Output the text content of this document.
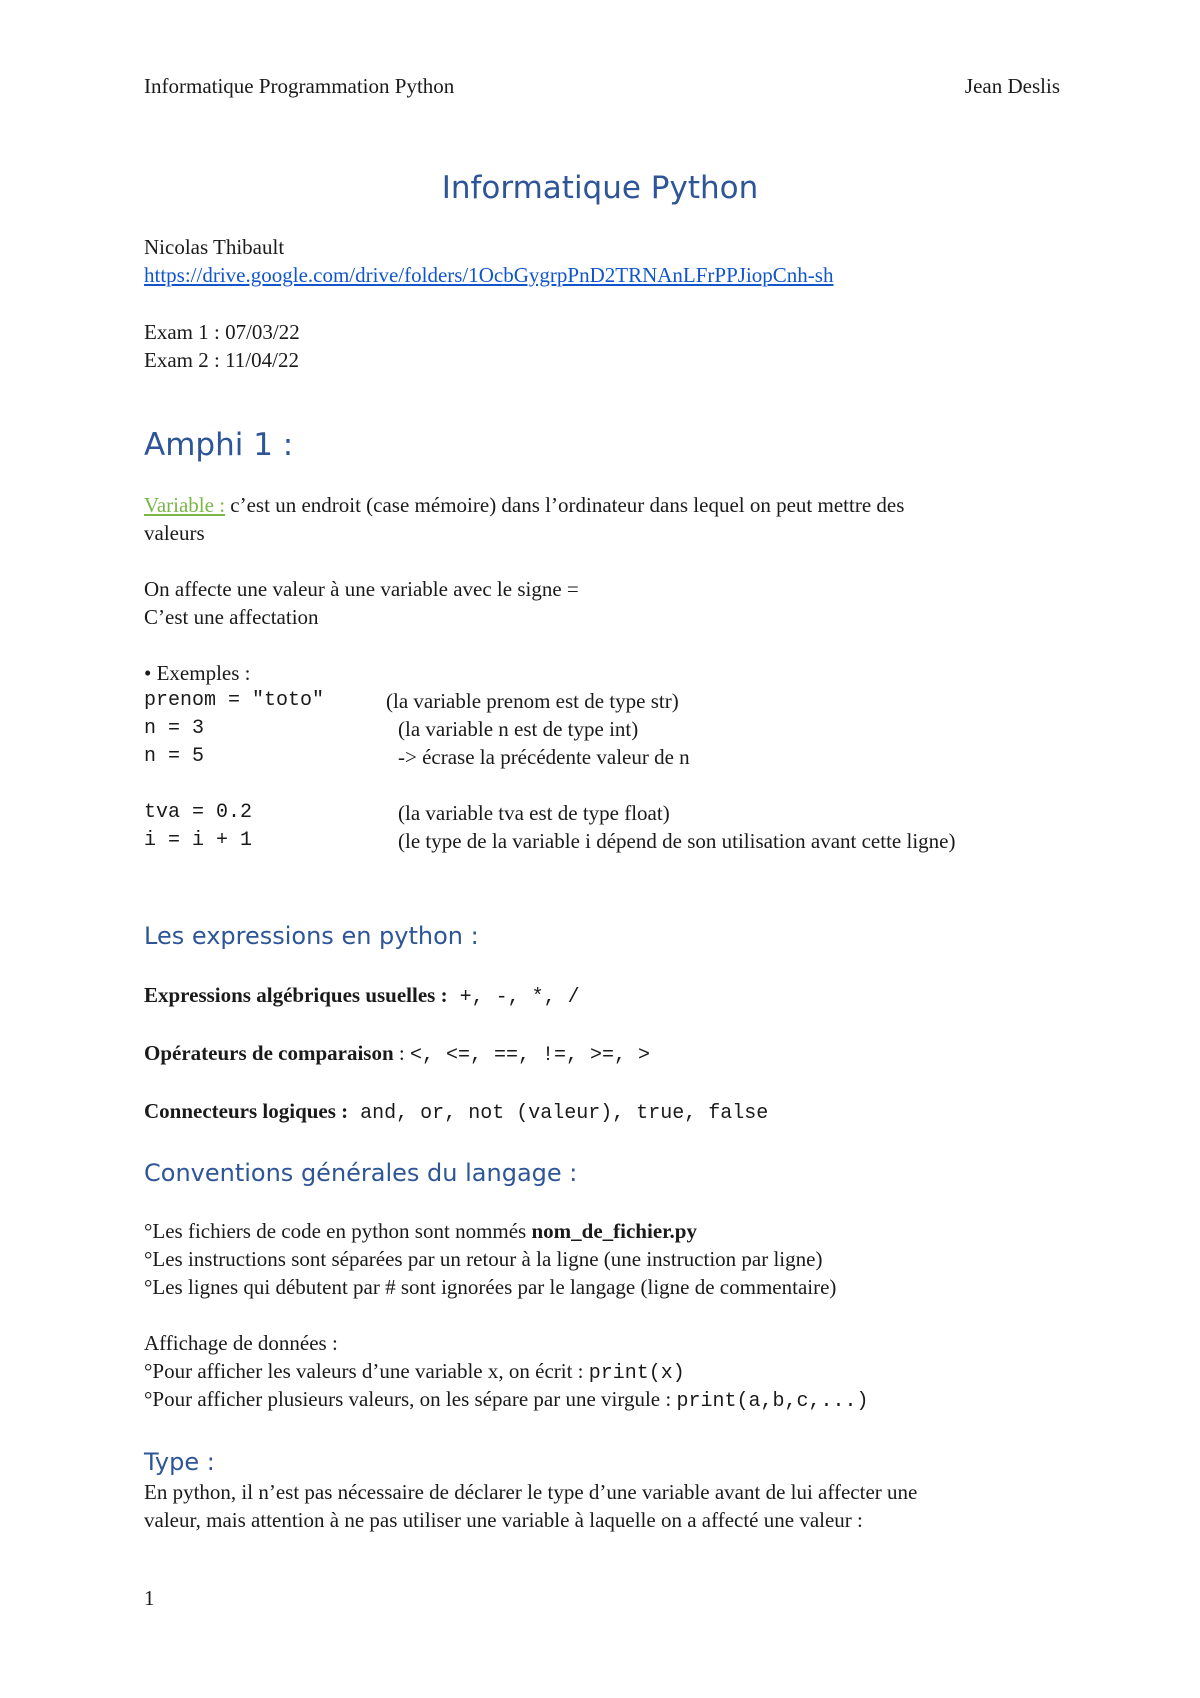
Informatique Programmation Python	Jean Deslis
Informatique Python
Nicolas Thibault
https://drive.google.com/drive/folders/1OcbGygrpPnD2TRNAnLFrPPJiopCnh-sh
Exam 1 : 07/03/22
Exam 2 : 11/04/22
Amphi 1 :
Variable : c’est un endroit (case mémoire) dans l’ordinateur dans lequel on peut mettre des
valeurs
On affecte une valeur à une variable avec le signe =
C’est une affectation
• Exemples :
prenom = "toto"	(la variable prenom est de type str)
n = 3	(la variable n est de type int)
n = 5	-> écrase la précédente valeur de n
tva = 0.2	(la variable tva est de type float)
i = i + 1	(le type de la variable i dépend de son utilisation avant cette ligne)
Les expressions en python :
Expressions algébriques usuelles : +, -, *, /
Opérateurs de comparaison : <, <=, ==, !=, >=, >
Connecteurs logiques : and, or, not (valeur), true, false
Conventions générales du langage :
°Les fichiers de code en python sont nommés nom_de_fichier.py
°Les instructions sont séparées par un retour à la ligne (une instruction par ligne)
°Les lignes qui débutent par # sont ignorées par le langage (ligne de commentaire)
Affichage de données :
°Pour afficher les valeurs d’une variable x, on écrit : print(x)
°Pour afficher plusieurs valeurs, on les sépare par une virgule : print(a,b,c,...)
Type :
En python, il n’est pas nécessaire de déclarer le type d’une variable avant de lui affecter une
valeur, mais attention à ne pas utiliser une variable à laquelle on a affecté une valeur :
1
